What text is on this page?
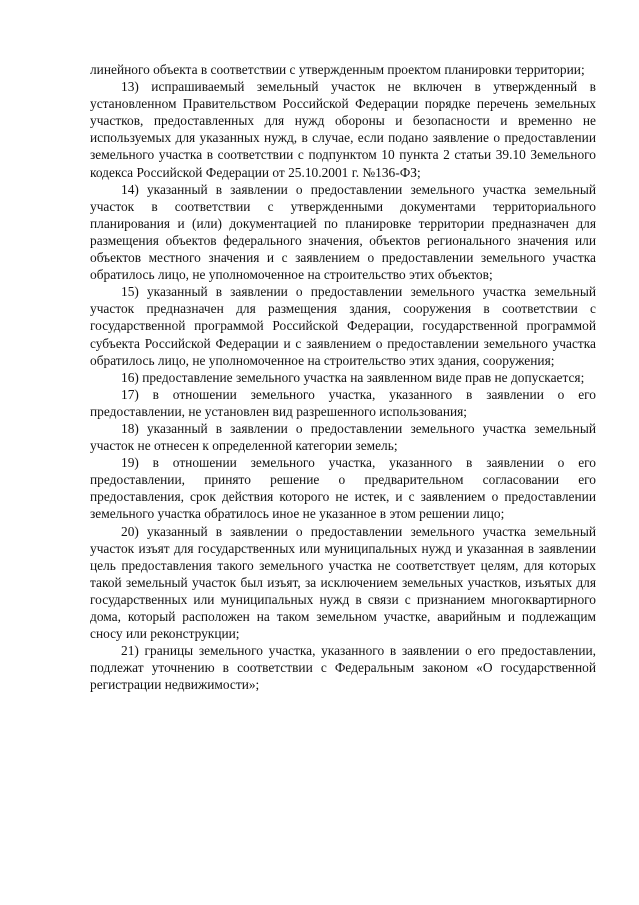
линейного объекта в соответствии с утвержденным проектом планировки территории;

13) испрашиваемый земельный участок не включен в утвержденный в установленном Правительством Российской Федерации порядке перечень земельных участков, предоставленных для нужд обороны и безопасности и временно не используемых для указанных нужд, в случае, если подано заявление о предоставлении земельного участка в соответствии с подпунктом 10 пункта 2 статьи 39.10 Земельного кодекса Российской Федерации от 25.10.2001 г. №136-ФЗ;

14) указанный в заявлении о предоставлении земельного участка земельный участок в соответствии с утвержденными документами территориального планирования и (или) документацией по планировке территории предназначен для размещения объектов федерального значения, объектов регионального значения или объектов местного значения и с заявлением о предоставлении земельного участка обратилось лицо, не уполномоченное на строительство этих объектов;

15) указанный в заявлении о предоставлении земельного участка земельный участок предназначен для размещения здания, сооружения в соответствии с государственной программой Российской Федерации, государственной программой субъекта Российской Федерации и с заявлением о предоставлении земельного участка обратилось лицо, не уполномоченное на строительство этих здания, сооружения;

16) предоставление земельного участка на заявленном виде прав не допускается;

17) в отношении земельного участка, указанного в заявлении о его предоставлении, не установлен вид разрешенного использования;

18) указанный в заявлении о предоставлении земельного участка земельный участок не отнесен к определенной категории земель;

19) в отношении земельного участка, указанного в заявлении о его предоставлении, принято решение о предварительном согласовании его предоставления, срок действия которого не истек, и с заявлением о предоставлении земельного участка обратилось иное не указанное в этом решении лицо;

20) указанный в заявлении о предоставлении земельного участка земельный участок изъят для государственных или муниципальных нужд и указанная в заявлении цель предоставления такого земельного участка не соответствует целям, для которых такой земельный участок был изъят, за исключением земельных участков, изъятых для государственных или муниципальных нужд в связи с признанием многоквартирного дома, который расположен на таком земельном участке, аварийным и подлежащим сносу или реконструкции;

21) границы земельного участка, указанного в заявлении о его предоставлении, подлежат уточнению в соответствии с Федеральным законом «О государственной регистрации недвижимости»;
